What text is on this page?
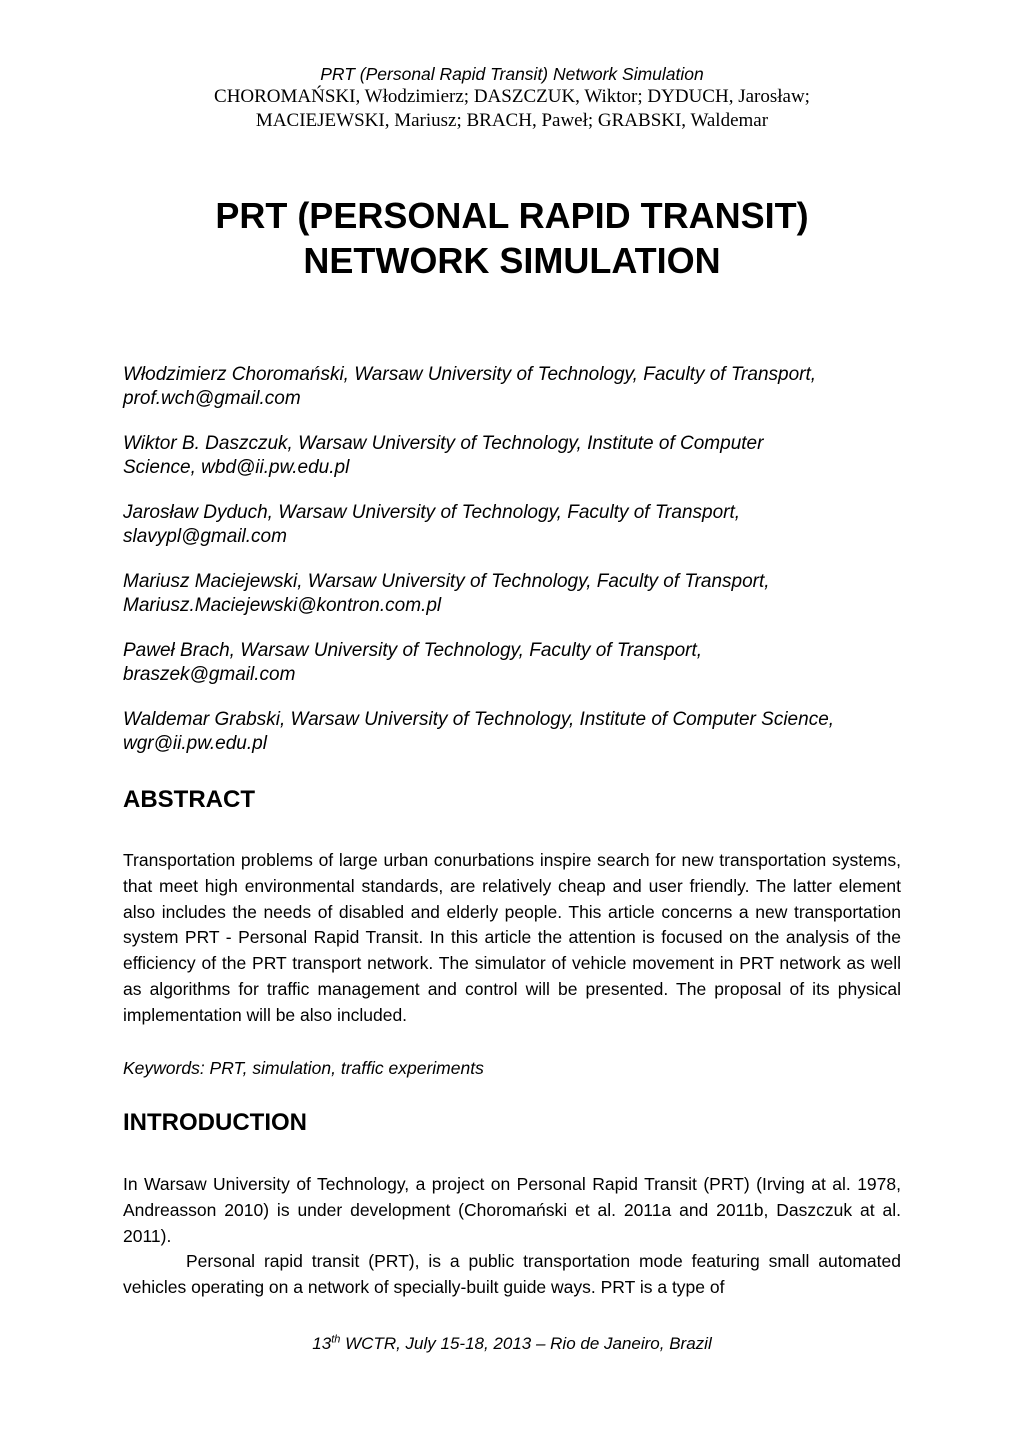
PRT (Personal Rapid Transit) Network Simulation
CHOROMAŃSKI, Włodzimierz; DASZCZUK, Wiktor; DYDUCH, Jarosław;
MACIEJEWSKI, Mariusz; BRACH, Paweł; GRABSKI, Waldemar
PRT (PERSONAL RAPID TRANSIT)
NETWORK SIMULATION
Włodzimierz Choromański, Warsaw University of Technology, Faculty of Transport,
prof.wch@gmail.com
Wiktor B. Daszczuk, Warsaw University of Technology, Institute of Computer
Science, wbd@ii.pw.edu.pl
Jarosław Dyduch, Warsaw University of Technology, Faculty of Transport,
slavypl@gmail.com
Mariusz Maciejewski, Warsaw University of Technology, Faculty of Transport,
Mariusz.Maciejewski@kontron.com.pl
Paweł Brach, Warsaw University of Technology, Faculty of Transport,
braszek@gmail.com
Waldemar Grabski, Warsaw University of Technology, Institute of Computer Science,
wgr@ii.pw.edu.pl
ABSTRACT
Transportation problems of large urban conurbations inspire search for new transportation systems, that meet high environmental standards, are relatively cheap and user friendly. The latter element also includes the needs of disabled and elderly people. This article concerns a new transportation system PRT - Personal Rapid Transit. In this article the attention is focused on the analysis of the efficiency of the PRT transport network. The simulator of vehicle movement in PRT network as well as algorithms for traffic management and control will be presented. The proposal of its physical implementation will be also included.
Keywords: PRT, simulation, traffic experiments
INTRODUCTION
In Warsaw University of Technology, a project on Personal Rapid Transit (PRT) (Irving at al. 1978, Andreasson 2010) is under development (Choromański et al. 2011a and 2011b, Daszczuk at al. 2011).
Personal rapid transit (PRT), is a public transportation mode featuring small automated vehicles operating on a network of specially-built guide ways. PRT is a type of
13th WCTR, July 15-18, 2013 – Rio de Janeiro, Brazil
